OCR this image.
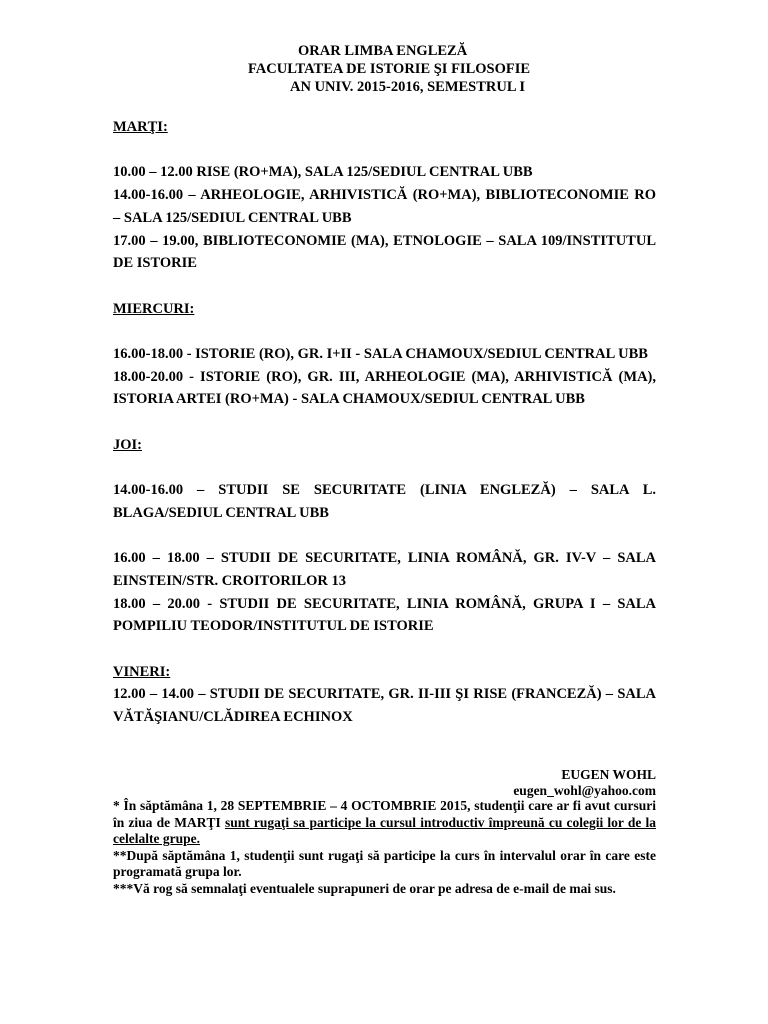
ORAR LIMBA ENGLEZĂ
FACULTATEA DE ISTORIE ŞI FILOSOFIE
AN UNIV. 2015-2016, SEMESTRUL I
MARŢI:
10.00 – 12.00 RISE (RO+MA), SALA 125/SEDIUL CENTRAL UBB
14.00-16.00 – ARHEOLOGIE, ARHIVISTICĂ (RO+MA), BIBLIOTECONOMIE RO – SALA 125/SEDIUL CENTRAL UBB
17.00 – 19.00, BIBLIOTECONOMIE (MA), ETNOLOGIE – SALA 109/INSTITUTUL DE ISTORIE
MIERCURI:
16.00-18.00 - ISTORIE (RO), GR. I+II - SALA CHAMOUX/SEDIUL CENTRAL UBB
18.00-20.00 - ISTORIE (RO), GR. III, ARHEOLOGIE (MA), ARHIVISTICĂ (MA), ISTORIA ARTEI (RO+MA) - SALA CHAMOUX/SEDIUL CENTRAL UBB
JOI:
14.00-16.00 – STUDII SE SECURITATE (LINIA ENGLEZĂ) – SALA L. BLAGA/SEDIUL CENTRAL UBB
16.00 – 18.00 – STUDII DE SECURITATE, LINIA ROMÂNĂ, GR. IV-V – SALA EINSTEIN/STR. CROITORILOR 13
18.00 – 20.00 - STUDII DE SECURITATE, LINIA ROMÂNĂ, GRUPA I – SALA POMPILIU TEODOR/INSTITUTUL DE ISTORIE
VINERI:
12.00 – 14.00 – STUDII DE SECURITATE, GR. II-III ŞI RISE (FRANCEZĂ) – SALA VĂTĂŞIANU/CLĂDIREA ECHINOX
EUGEN WOHL
eugen_wohl@yahoo.com
* În săptămâna 1, 28 SEPTEMBRIE – 4 OCTOMBRIE 2015, studenţii care ar fi avut cursuri în ziua de MARŢI sunt rugaţi sa participe la cursul introductiv împreună cu colegii lor de la celelalte grupe.
**După săptămâna 1, studenţii sunt rugaţi să participe la curs în intervalul orar în care este programată grupa lor.
***Vă rog să semnalaţi eventualele suprapuneri de orar pe adresa de e-mail de mai sus.
